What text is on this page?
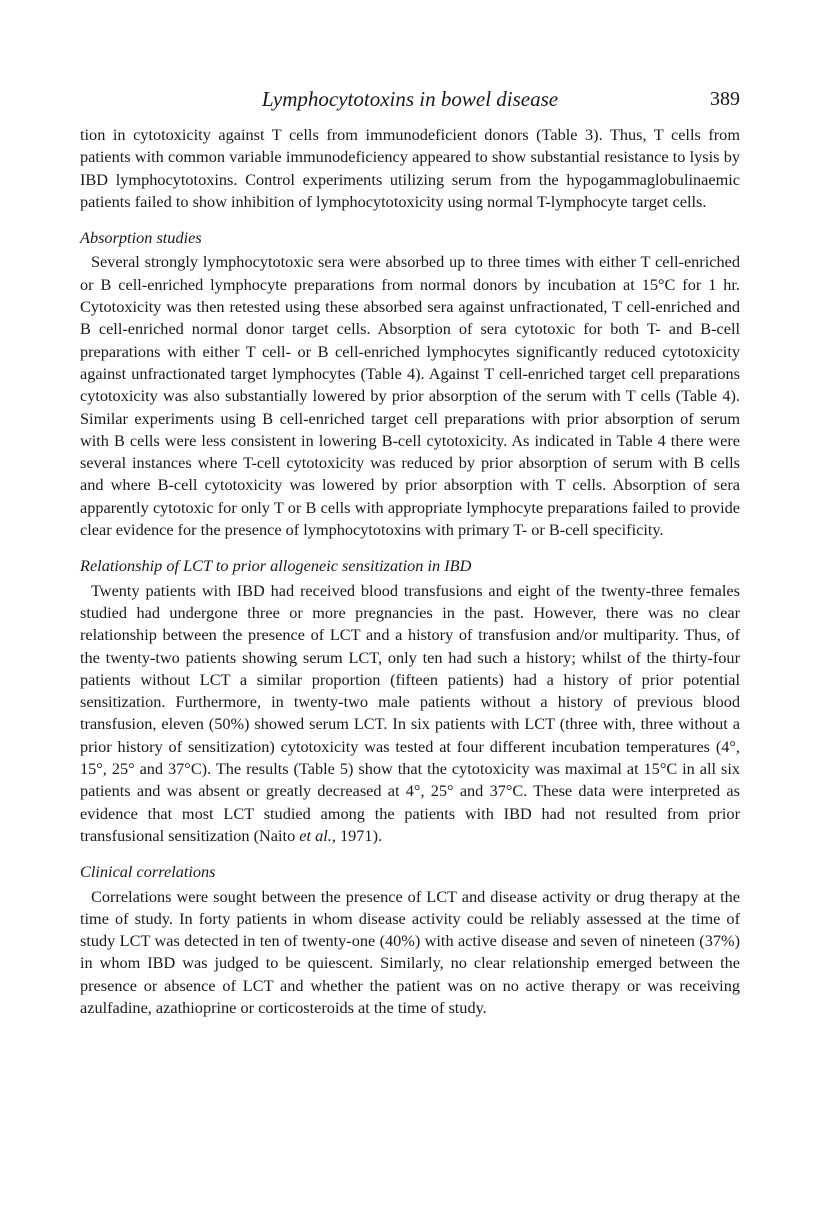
Lymphocytotoxins in bowel disease	389

tion in cytotoxicity against T cells from immunodeficient donors (Table 3). Thus, T cells from patients with common variable immunodeficiency appeared to show substantial resistance to lysis by IBD lymphocytotoxins. Control experiments utilizing serum from the hypogammaglobulinaemic patients failed to show inhibition of lymphocytotoxicity using normal T-lymphocyte target cells.

Absorption studies

Several strongly lymphocytotoxic sera were absorbed up to three times with either T cell-enriched or B cell-enriched lymphocyte preparations from normal donors by incubation at 15°C for 1 hr. Cytotoxicity was then retested using these absorbed sera against unfractionated, T cell-enriched and B cell-enriched normal donor target cells. Absorption of sera cytotoxic for both T- and B-cell preparations with either T cell- or B cell-enriched lymphocytes significantly reduced cytotoxicity against unfractionated target lymphocytes (Table 4). Against T cell-enriched target cell preparations cytotoxicity was also substantially lowered by prior absorption of the serum with T cells (Table 4). Similar experiments using B cell-enriched target cell preparations with prior absorption of serum with B cells were less consistent in lowering B-cell cytotoxicity. As indicated in Table 4 there were several instances where T-cell cytotoxicity was reduced by prior absorption of serum with B cells and where B-cell cytotoxicity was lowered by prior absorption with T cells. Absorption of sera apparently cytotoxic for only T or B cells with appropriate lymphocyte preparations failed to provide clear evidence for the presence of lymphocytotoxins with primary T- or B-cell specificity.

Relationship of LCT to prior allogeneic sensitization in IBD

Twenty patients with IBD had received blood transfusions and eight of the twenty-three females studied had undergone three or more pregnancies in the past. However, there was no clear relationship between the presence of LCT and a history of transfusion and/or multiparity. Thus, of the twenty-two patients showing serum LCT, only ten had such a history; whilst of the thirty-four patients without LCT a similar proportion (fifteen patients) had a history of prior potential sensitization. Furthermore, in twenty-two male patients without a history of previous blood transfusion, eleven (50%) showed serum LCT. In six patients with LCT (three with, three without a prior history of sensitization) cytotoxicity was tested at four different incubation temperatures (4°, 15°, 25° and 37°C). The results (Table 5) show that the cytotoxicity was maximal at 15°C in all six patients and was absent or greatly decreased at 4°, 25° and 37°C. These data were interpreted as evidence that most LCT studied among the patients with IBD had not resulted from prior transfusional sensitization (Naito et al., 1971).

Clinical correlations

Correlations were sought between the presence of LCT and disease activity or drug therapy at the time of study. In forty patients in whom disease activity could be reliably assessed at the time of study LCT was detected in ten of twenty-one (40%) with active disease and seven of nineteen (37%) in whom IBD was judged to be quiescent. Similarly, no clear relationship emerged between the presence or absence of LCT and whether the patient was on no active therapy or was receiving azulfadine, azathioprine or corticosteroids at the time of study.
